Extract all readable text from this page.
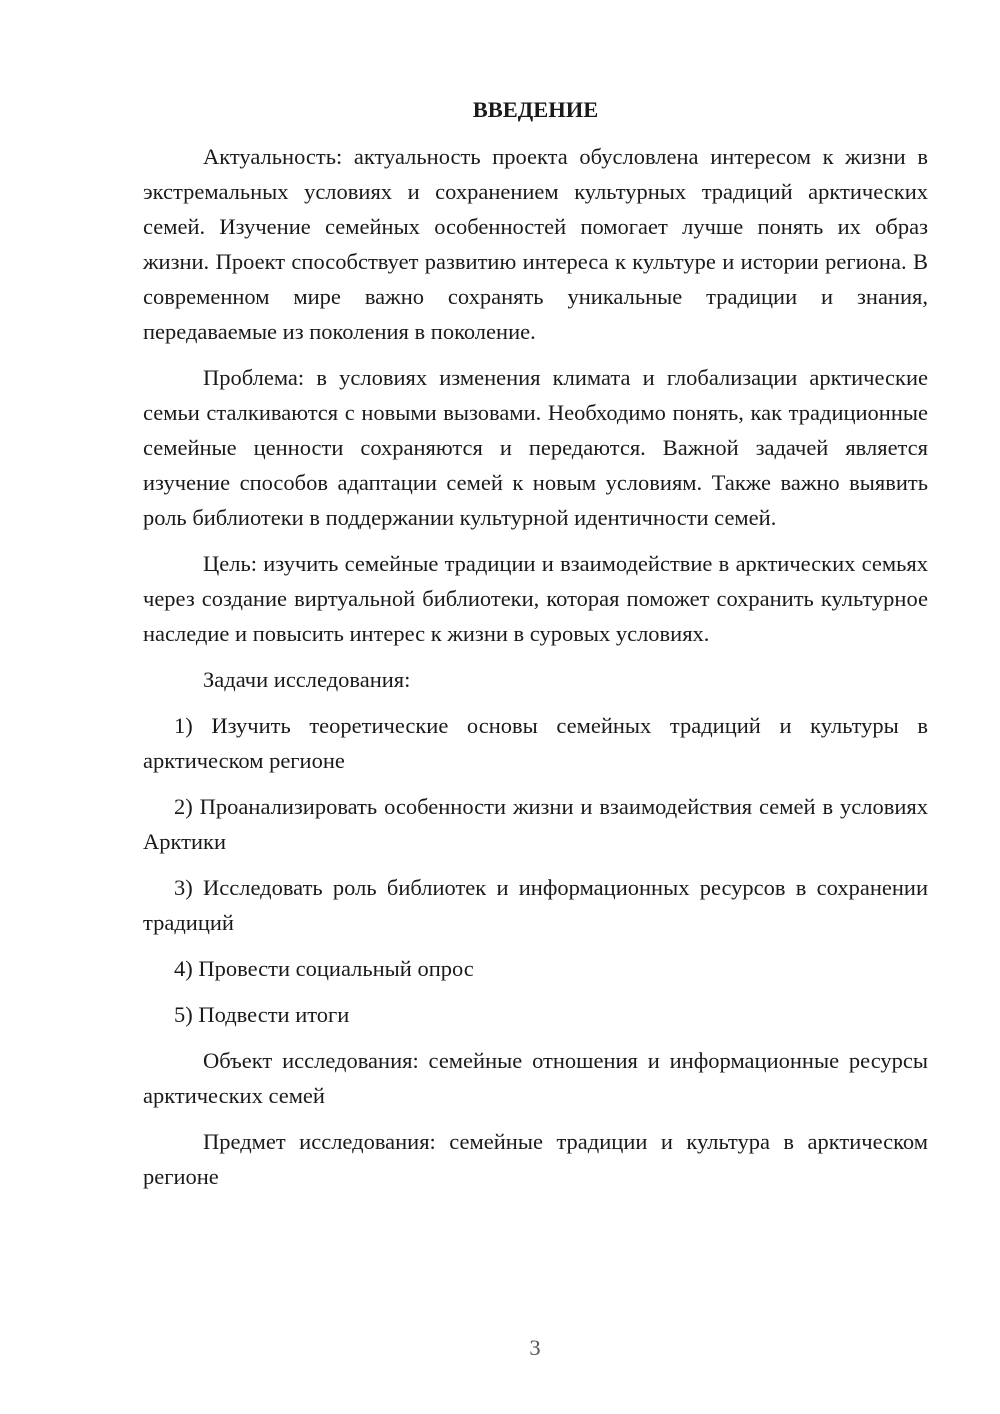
ВВЕДЕНИЕ

Актуальность: актуальность проекта обусловлена интересом к жизни в экстремальных условиях и сохранением культурных традиций арктических семей. Изучение семейных особенностей помогает лучше понять их образ жизни. Проект способствует развитию интереса к культуре и истории региона. В современном мире важно сохранять уникальные традиции и знания, передаваемые из поколения в поколение.

Проблема: в условиях изменения климата и глобализации арктические семьи сталкиваются с новыми вызовами. Необходимо понять, как традиционные семейные ценности сохраняются и передаются. Важной задачей является изучение способов адаптации семей к новым условиям. Также важно выявить роль библиотеки в поддержании культурной идентичности семей.

Цель: изучить семейные традиции и взаимодействие в арктических семьях через создание виртуальной библиотеки, которая поможет сохранить культурное наследие и повысить интерес к жизни в суровых условиях.

Задачи исследования:

1) Изучить теоретические основы семейных традиций и культуры в арктическом регионе

2) Проанализировать особенности жизни и взаимодействия семей в условиях Арктики

3) Исследовать роль библиотек и информационных ресурсов в сохранении традиций

4) Провести социальный опрос

5) Подвести итоги

Объект исследования: семейные отношения и информационные ресурсы арктических семей

Предмет исследования: семейные традиции и культура в арктическом регионе

3
